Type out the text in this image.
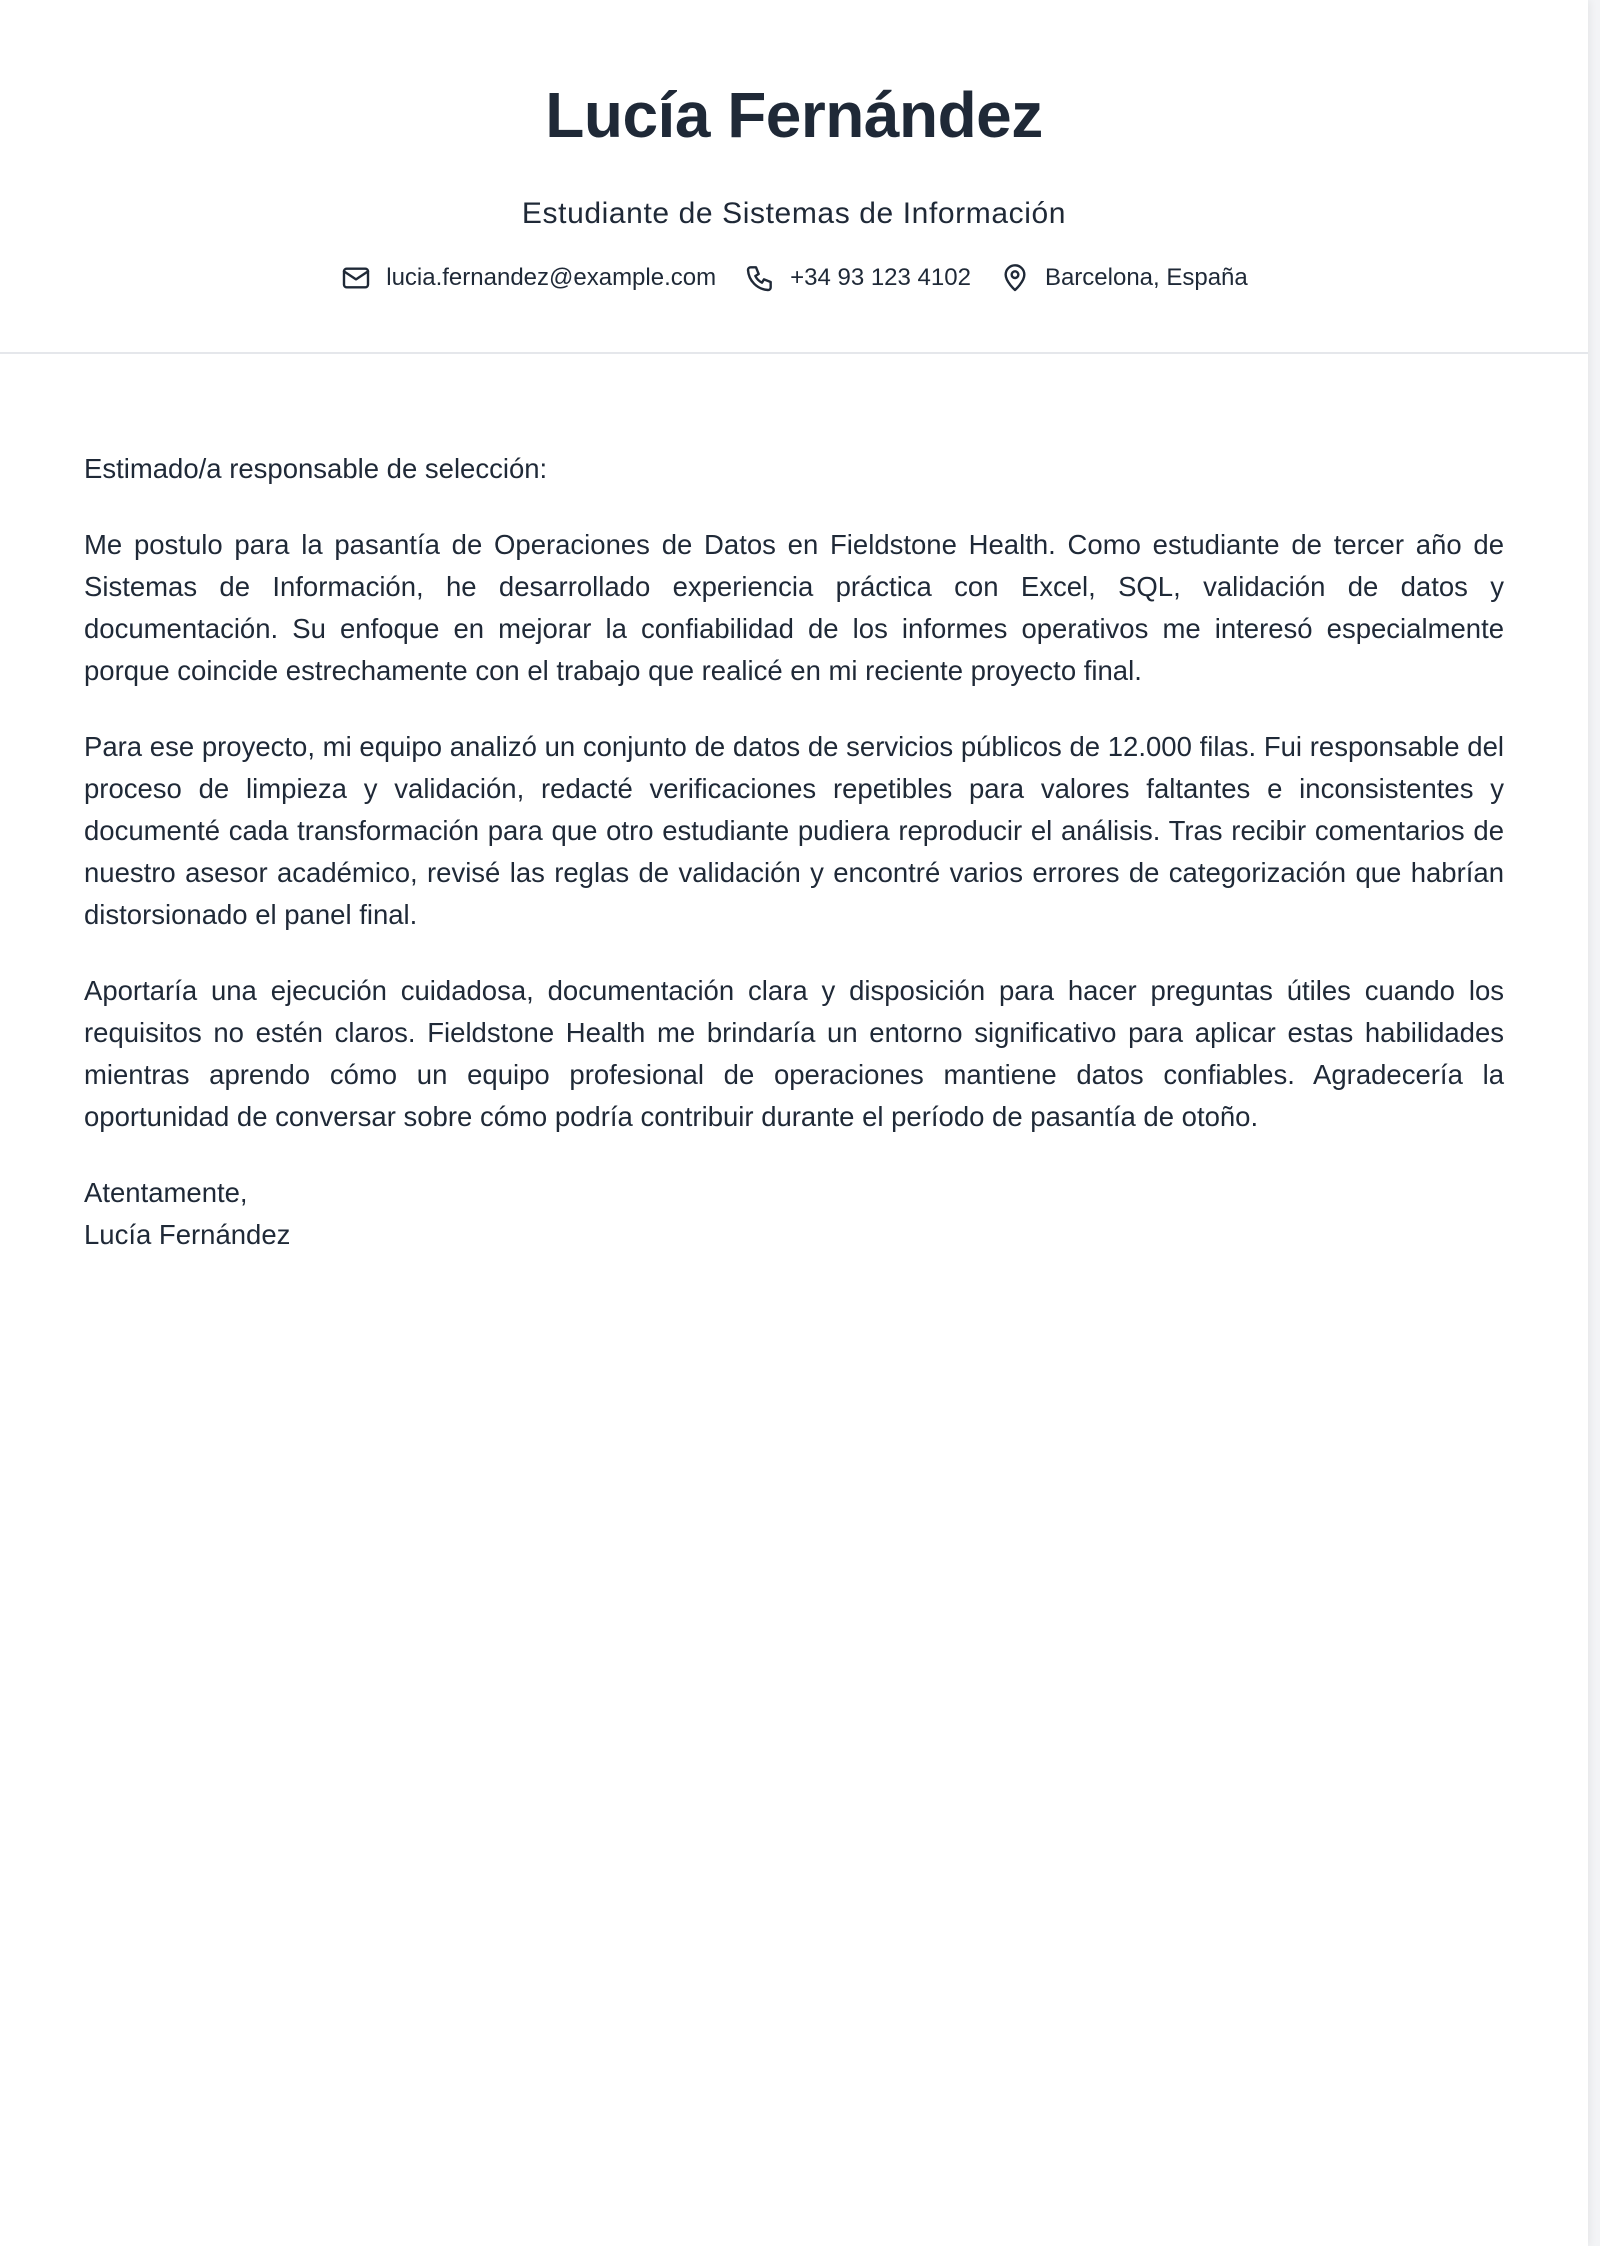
Lucía Fernández

Estudiante de Sistemas de Información

lucia.fernandez@example.com	+34 93 123 4102	Barcelona, España

Estimado/a responsable de selección:

Me postulo para la pasantía de Operaciones de Datos en Fieldstone Health. Como estudiante de tercer año de Sistemas de Información, he desarrollado experiencia práctica con Excel, SQL, validación de datos y documentación. Su enfoque en mejorar la confiabilidad de los informes operativos me interesó especialmente porque coincide estrechamente con el trabajo que realicé en mi reciente proyecto final.

Para ese proyecto, mi equipo analizó un conjunto de datos de servicios públicos de 12.000 filas. Fui responsable del proceso de limpieza y validación, redacté verificaciones repetibles para valores faltantes e inconsistentes y documenté cada transformación para que otro estudiante pudiera reproducir el análisis. Tras recibir comentarios de nuestro asesor académico, revisé las reglas de validación y encontré varios errores de categorización que habrían distorsionado el panel final.

Aportaría una ejecución cuidadosa, documentación clara y disposición para hacer preguntas útiles cuando los requisitos no estén claros. Fieldstone Health me brindaría un entorno significativo para aplicar estas habilidades mientras aprendo cómo un equipo profesional de operaciones mantiene datos confiables. Agradecería la oportunidad de conversar sobre cómo podría contribuir durante el período de pasantía de otoño.

Atentamente,
Lucía Fernández
